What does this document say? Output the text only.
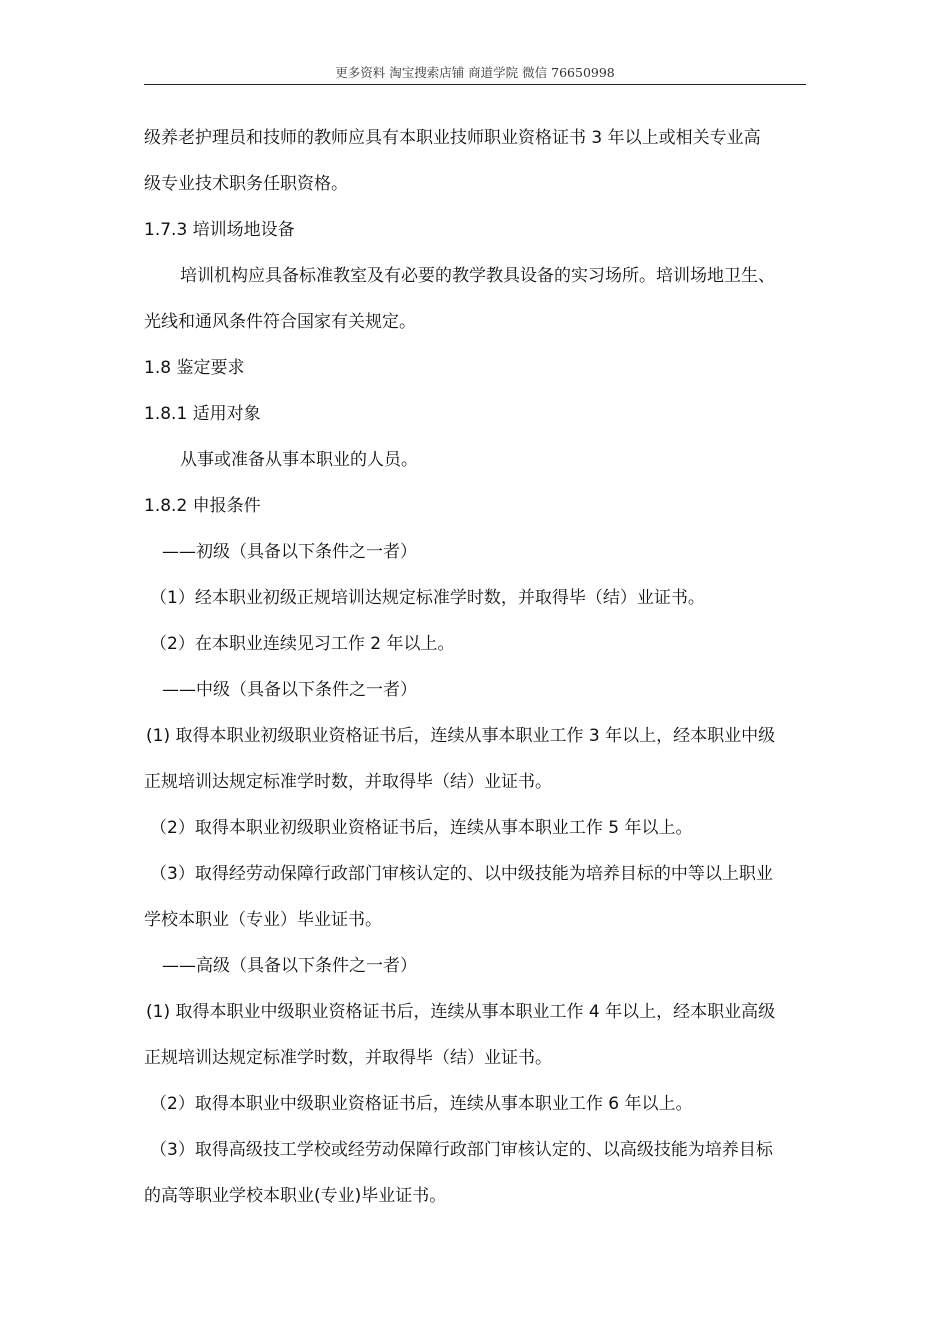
更多资料 淘宝搜索店铺 商道学院 微信 76650998
级养老护理员和技师的教师应具有本职业技师职业资格证书 3 年以上或相关专业高
级专业技术职务任职资格。
1.7.3 培训场地设备
培训机构应具备标准教室及有必要的教学教具设备的实习场所。培训场地卫生、
光线和通风条件符合国家有关规定。
1.8 鉴定要求
1.8.1 适用对象
从事或准备从事本职业的人员。
1.8.2 申报条件
——初级（具备以下条件之一者）
（1）经本职业初级正规培训达规定标准学时数，并取得毕（结）业证书。
（2）在本职业连续见习工作 2 年以上。
——中级（具备以下条件之一者）
(1) 取得本职业初级职业资格证书后，连续从事本职业工作 3 年以上，经本职业中级
正规培训达规定标准学时数，并取得毕（结）业证书。
（2）取得本职业初级职业资格证书后，连续从事本职业工作 5 年以上。
（3）取得经劳动保障行政部门审核认定的、以中级技能为培养目标的中等以上职业
学校本职业（专业）毕业证书。
——高级（具备以下条件之一者）
(1) 取得本职业中级职业资格证书后，连续从事本职业工作 4 年以上，经本职业高级
正规培训达规定标准学时数，并取得毕（结）业证书。
（2）取得本职业中级职业资格证书后，连续从事本职业工作 6 年以上。
（3）取得高级技工学校或经劳动保障行政部门审核认定的、以高级技能为培养目标
的高等职业学校本职业(专业)毕业证书。
